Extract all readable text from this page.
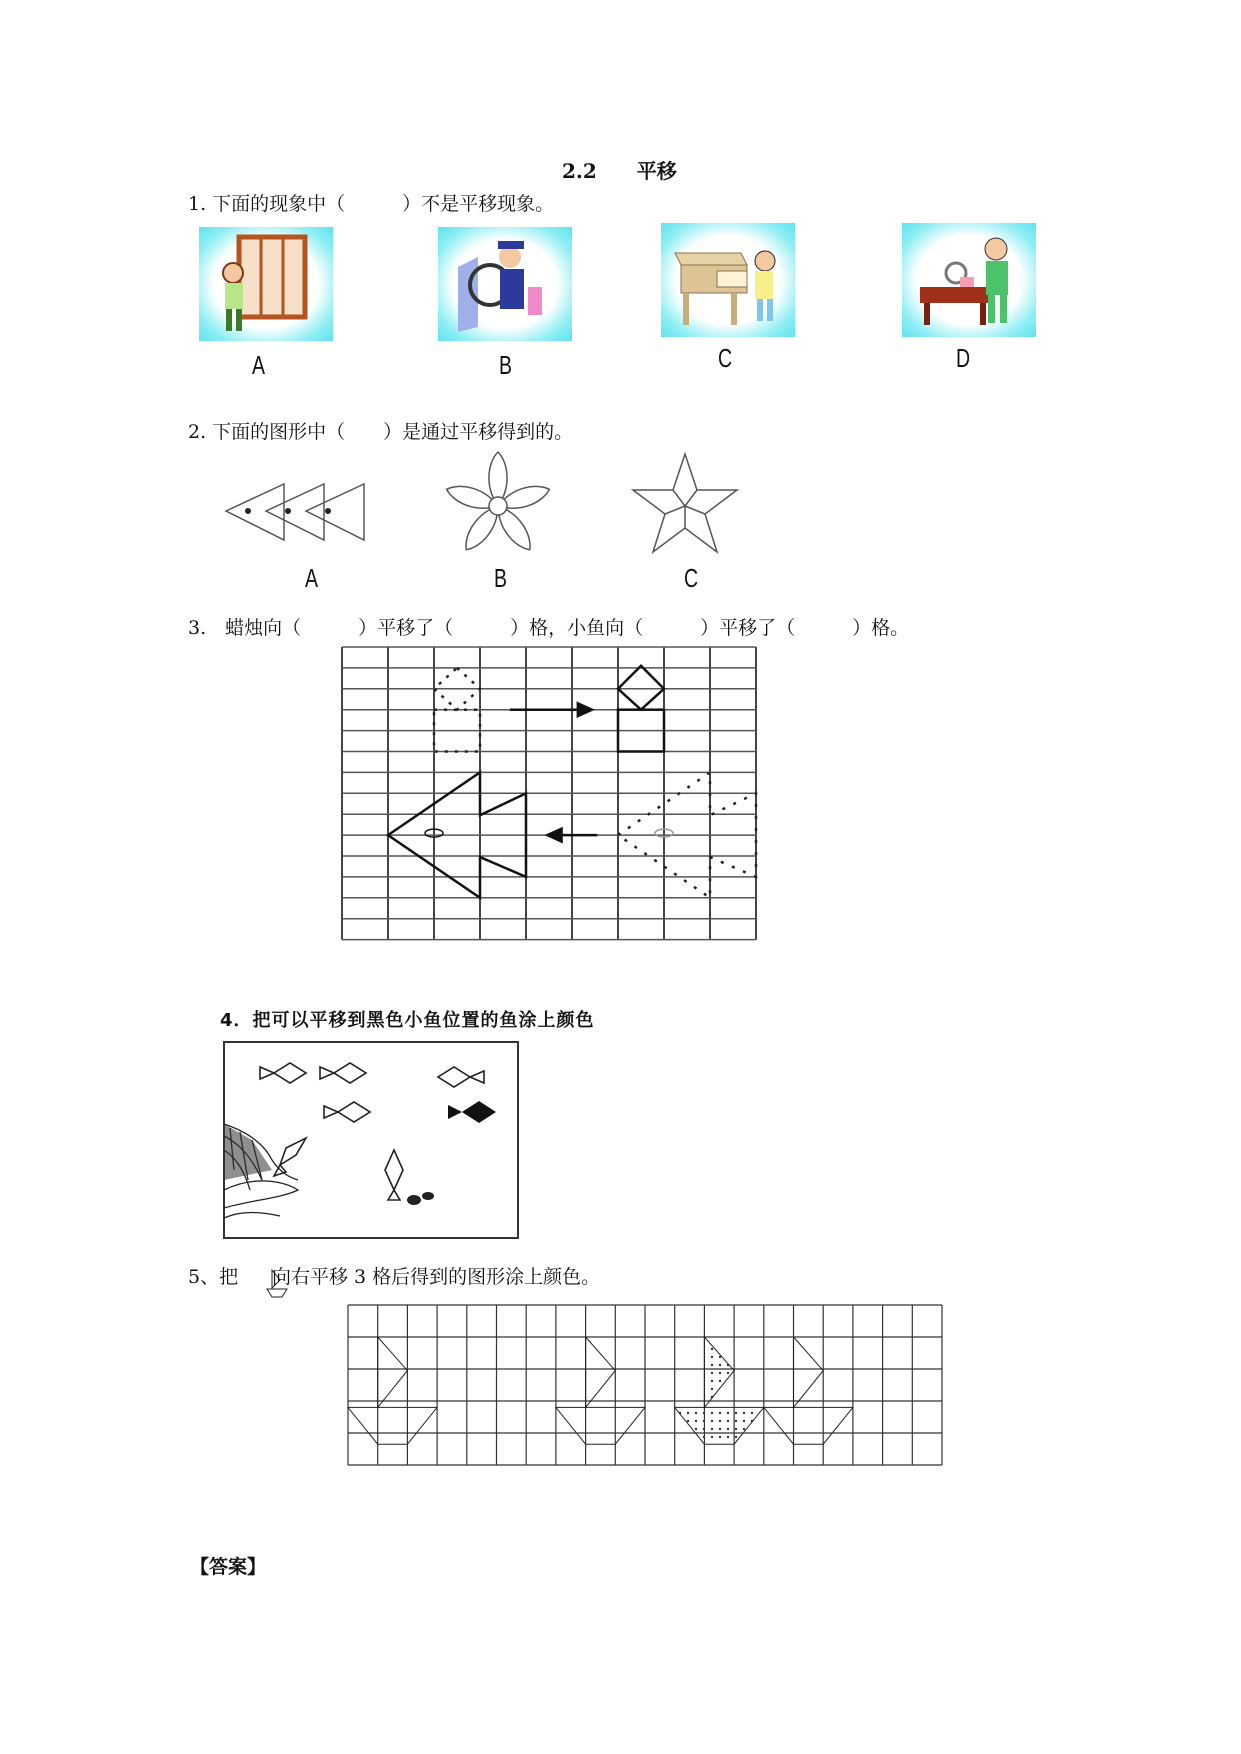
2.2　　平移
1. 下面的现象中（　　　）不是平移现象。
A	B	C	D
2. 下面的图形中（　　）是通过平移得到的。
A	B	C
3.　蜡烛向（　　　）平移了（　　　）格，小鱼向（　　　）平移了（　　　）格。
4．把可以平移到黑色小鱼位置的鱼涂上颜色
5、把 向右平移 3 格后得到的图形涂上颜色。
【答案】
